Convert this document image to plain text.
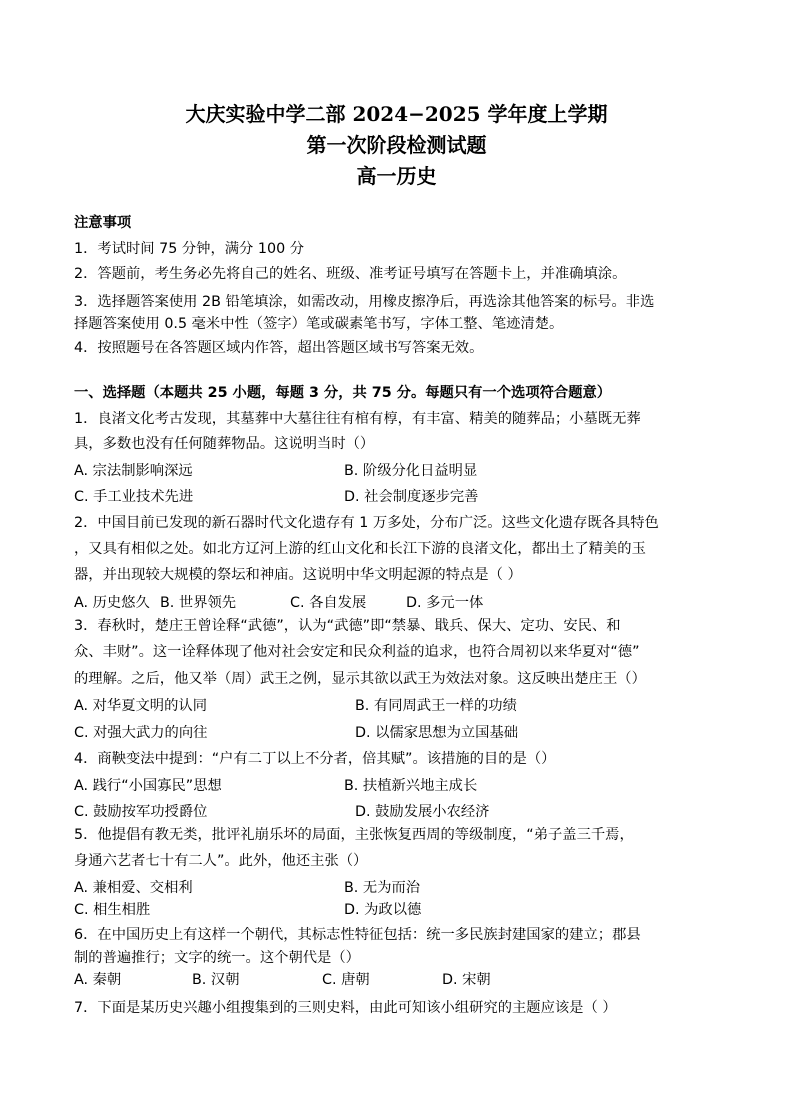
大庆实验中学二部 2024−2025 学年度上学期
第一次阶段检测试题
高一历史
注意事项
1．考试时间 75 分钟，满分 100 分
2．答题前，考生务必先将自己的姓名、班级、准考证号填写在答题卡上，并准确填涂。
3．选择题答案使用 2B 铅笔填涂，如需改动，用橡皮擦净后，再选涂其他答案的标号。非选
择题答案使用 0.5 毫米中性（签字）笔或碳素笔书写，字体工整、笔迹清楚。
4．按照题号在各答题区域内作答，超出答题区域书写答案无效。
一、选择题（本题共 25 小题，每题 3 分，共 75 分。每题只有一个选项符合题意）
1．良渚文化考古发现，其墓葬中大墓往往有棺有椁，有丰富、精美的随葬品；小墓既无葬
具，多数也没有任何随葬物品。这说明当时（）
A. 宗法制影响深远	B. 阶级分化日益明显
C. 手工业技术先进	D. 社会制度逐步完善
2．中国目前已发现的新石器时代文化遗存有 1 万多处，分布广泛。这些文化遗存既各具特色
，又具有相似之处。如北方辽河上游的红山文化和长江下游的良渚文化，都出土了精美的玉
器，并出现较大规模的祭坛和神庙。这说明中华文明起源的特点是（ ）
A. 历史悠久 B. 世界领先	C. 各自发展	D. 多元一体
3．春秋时，楚庄王曾诠释“武德”，认为“武德”即“禁暴、戢兵、保大、定功、安民、和
众、丰财”。这一诠释体现了他对社会安定和民众利益的追求，也符合周初以来华夏对“德”
的理解。之后，他又举（周）武王之例，显示其欲以武王为效法对象。这反映出楚庄王（）
A. 对华夏文明的认同	B. 有同周武王一样的功绩
C. 对强大武力的向往	D. 以儒家思想为立国基础
4．商鞅变法中提到：“户有二丁以上不分者，倍其赋”。该措施的目的是（）
A. 践行“小国寡民”思想	B. 扶植新兴地主成长
C. 鼓励按军功授爵位	D. 鼓励发展小农经济
5．他提倡有教无类，批评礼崩乐坏的局面，主张恢复西周的等级制度，“弟子盖三千焉，
身通六艺者七十有二人”。此外，他还主张（）
A. 兼相爱、交相利	B. 无为而治
C. 相生相胜	D. 为政以德
6．在中国历史上有这样一个朝代，其标志性特征包括：统一多民族封建国家的建立；郡县
制的普遍推行；文字的统一。这个朝代是（）
A. 秦朝	B. 汉朝	C. 唐朝	D. 宋朝
7．下面是某历史兴趣小组搜集到的三则史料，由此可知该小组研究的主题应该是（ ）
